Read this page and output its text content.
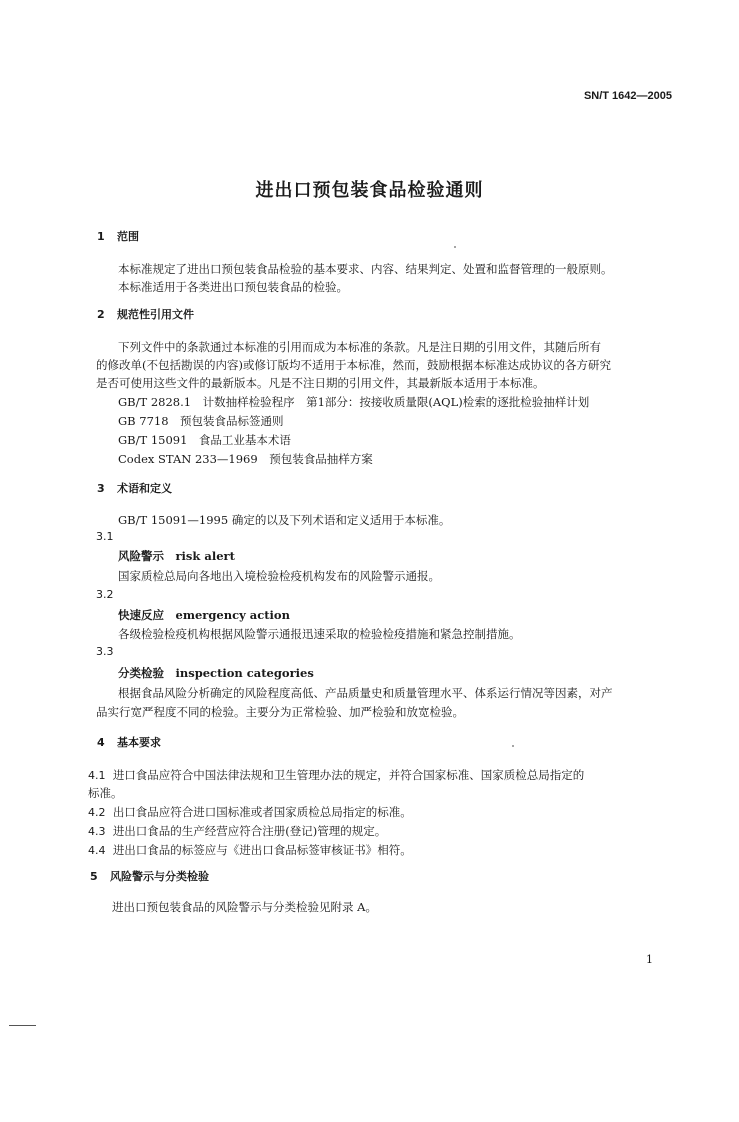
SN/T 1642—2005
进出口预包装食品检验通则
1 范围
本标准规定了进出口预包装食品检验的基本要求、内容、结果判定、处置和监督管理的一般原则。
本标准适用于各类进出口预包装食品的检验。
2 规范性引用文件
下列文件中的条款通过本标准的引用而成为本标准的条款。凡是注日期的引用文件，其随后所有
的修改单(不包括勘误的内容)或修订版均不适用于本标准，然而，鼓励根据本标准达成协议的各方研究
是否可使用这些文件的最新版本。凡是不注日期的引用文件，其最新版本适用于本标准。
GB/T 2828.1　计数抽样检验程序　第1部分：按接收质量限(AQL)检索的逐批检验抽样计划
GB 7718　预包装食品标签通则
GB/T 15091　食品工业基本术语
Codex STAN 233—1969　预包装食品抽样方案
3 术语和定义
GB/T 15091—1995 确定的以及下列术语和定义适用于本标准。
3.1
风险警示　risk alert
国家质检总局向各地出入境检验检疫机构发布的风险警示通报。
3.2
快速反应　emergency action
各级检验检疫机构根据风险警示通报迅速采取的检验检疫措施和紧急控制措施。
3.3
分类检验　inspection categories
根据食品风险分析确定的风险程度高低、产品质量史和质量管理水平、体系运行情况等因素，对产
品实行宽严程度不同的检验。主要分为正常检验、加严检验和放宽检验。
4 基本要求
4.1 进口食品应符合中国法律法规和卫生管理办法的规定，并符合国家标准、国家质检总局指定的
标准。
4.2 出口食品应符合进口国标准或者国家质检总局指定的标准。
4.3 进出口食品的生产经营应符合注册(登记)管理的规定。
4.4 进出口食品的标签应与《进出口食品标签审核证书》相符。
5 风险警示与分类检验
进出口预包装食品的风险警示与分类检验见附录 A。
1
